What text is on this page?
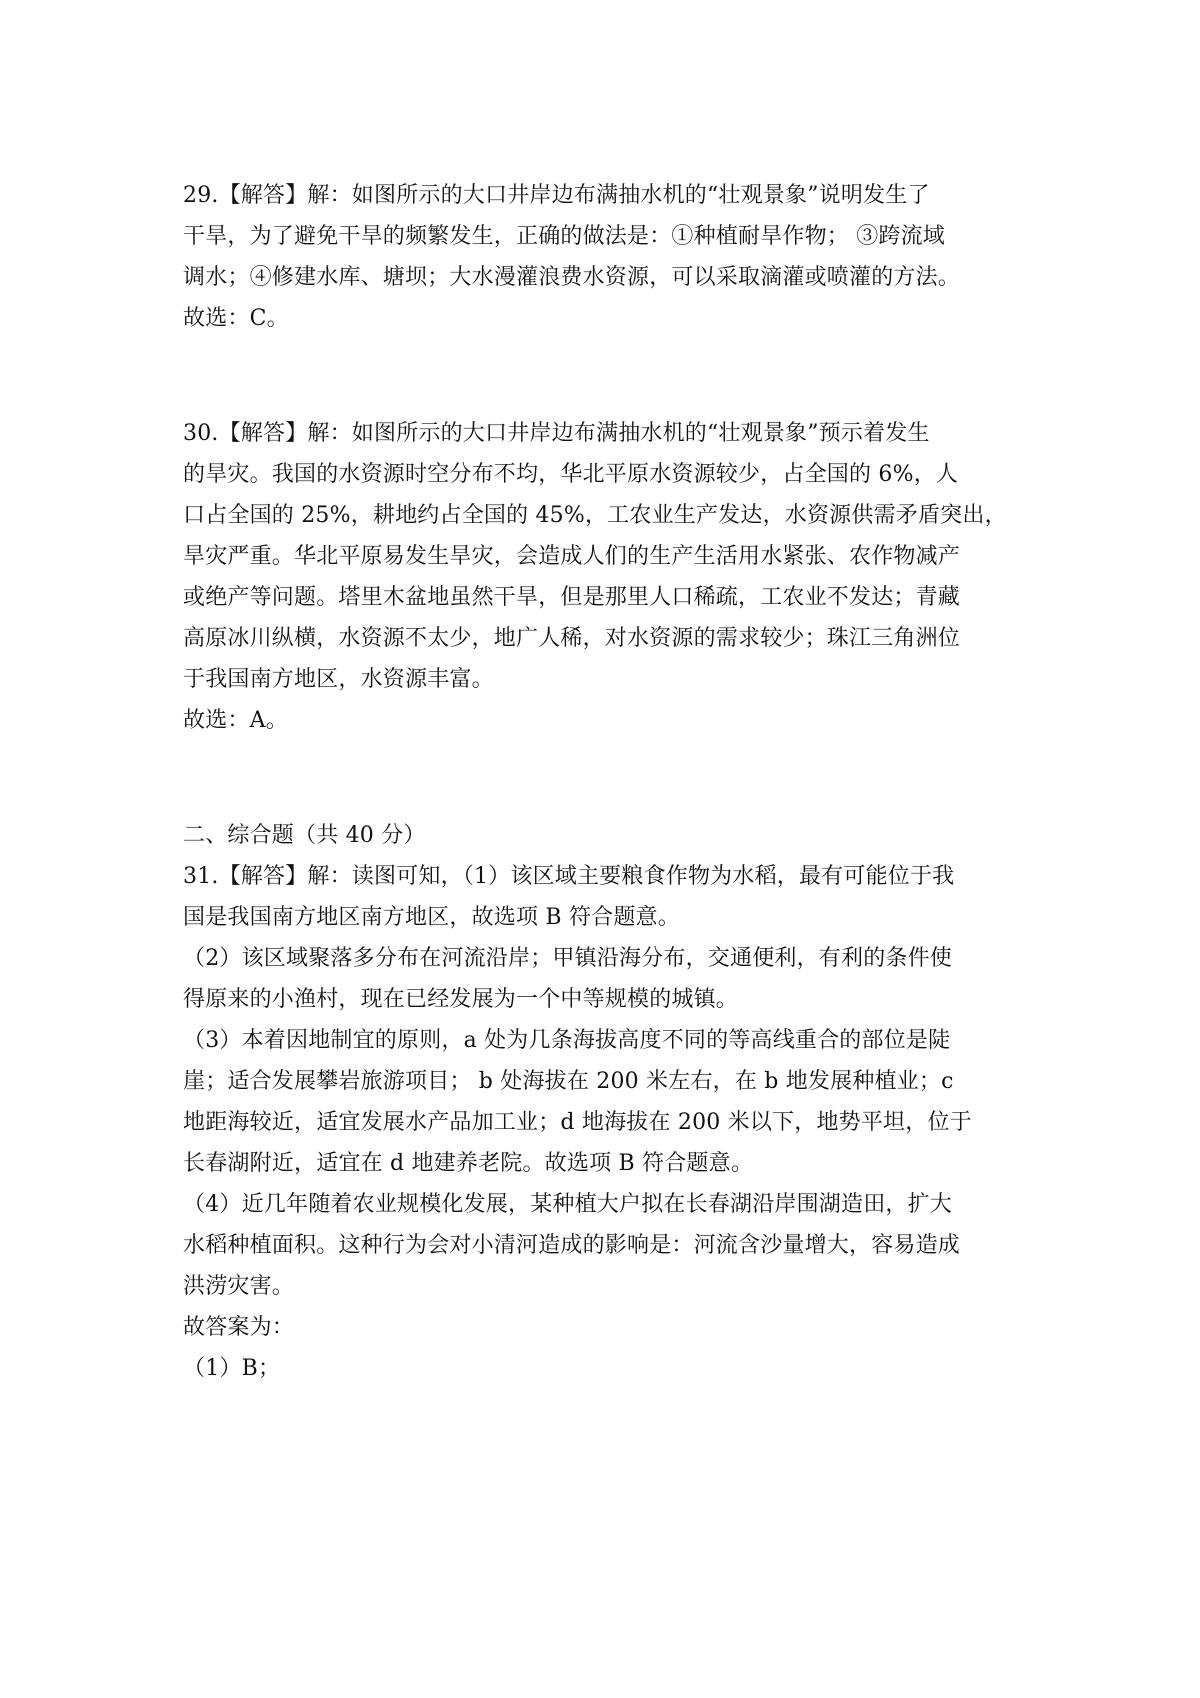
29.【解答】解：如图所示的大口井岸边布满抽水机的“壮观景象”说明发生了
干旱，为了避免干旱的频繁发生，正确的做法是：①种植耐旱作物； ③跨流域
调水；④修建水库、塘坝；大水漫灌浪费水资源，可以采取滴灌或喷灌的方法。
故选：C。
30.【解答】解：如图所示的大口井岸边布满抽水机的“壮观景象”预示着发生
的旱灾。我国的水资源时空分布不均，华北平原水资源较少，占全国的 6%，人
口占全国的 25%，耕地约占全国的 45%，工农业生产发达，水资源供需矛盾突出，
旱灾严重。华北平原易发生旱灾，会造成人们的生产生活用水紧张、农作物减产
或绝产等问题。塔里木盆地虽然干旱，但是那里人口稀疏，工农业不发达；青藏
高原冰川纵横，水资源不太少，地广人稀，对水资源的需求较少；珠江三角洲位
于我国南方地区，水资源丰富。
故选：A。
二、综合题（共 40 分）
31.【解答】解：读图可知，（1）该区域主要粮食作物为水稻，最有可能位于我
国是我国南方地区南方地区，故选项 B 符合题意。
（2）该区域聚落多分布在河流沿岸；甲镇沿海分布，交通便利，有利的条件使
得原来的小渔村，现在已经发展为一个中等规模的城镇。
（3）本着因地制宜的原则，a 处为几条海拔高度不同的等高线重合的部位是陡
崖；适合发展攀岩旅游项目； b 处海拔在 200 米左右，在 b 地发展种植业；c
地距海较近，适宜发展水产品加工业；d 地海拔在 200 米以下，地势平坦，位于
长春湖附近，适宜在 d 地建养老院。故选项 B 符合题意。
（4）近几年随着农业规模化发展，某种植大户拟在长春湖沿岸围湖造田，扩大
水稻种植面积。这种行为会对小清河造成的影响是：河流含沙量增大，容易造成
洪涝灾害。
故答案为：
（1）B；
